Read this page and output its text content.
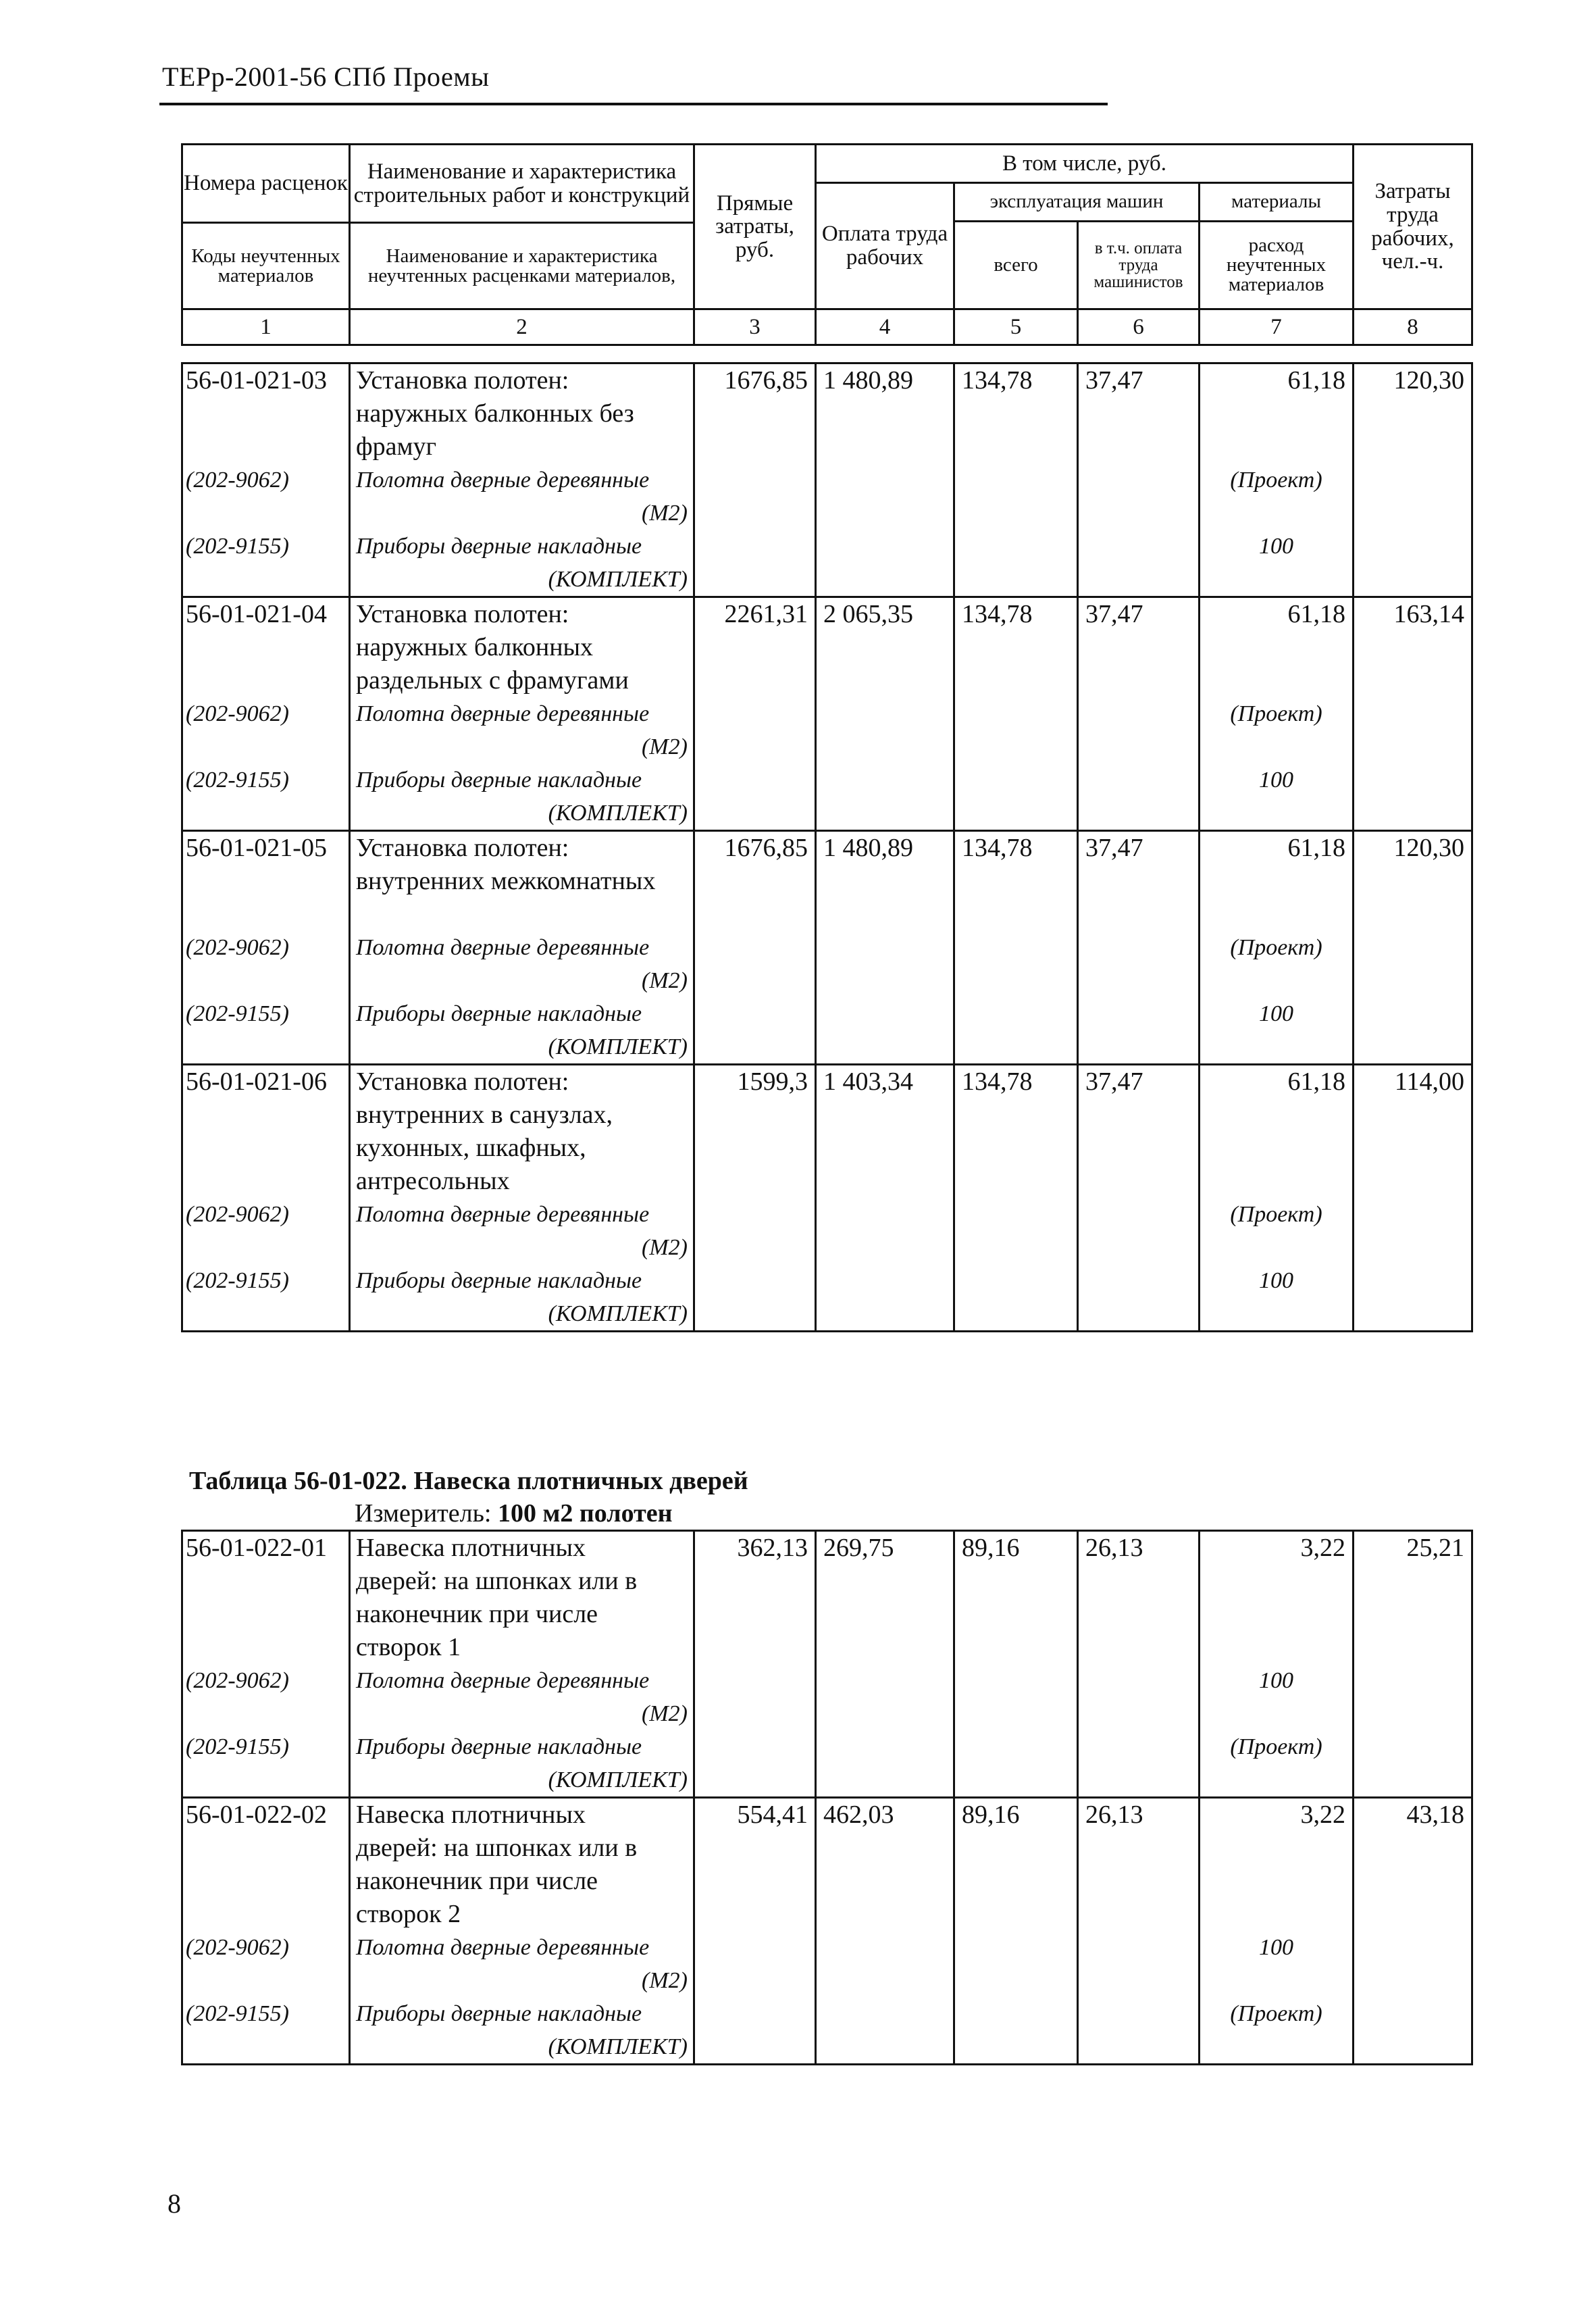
ТЕРр-2001-56 СПб Проемы
Номера расценок	Наименование и характеристика строительных работ и конструкций	Прямые затраты, руб.	В том числе, руб.				Затраты труда рабочих, чел.-ч.
			Оплата труда рабочих	эксплуатация машин		материалы	
				всего	в т.ч. оплата труда машинистов	расход неучтенных материалов	
Коды неучтенных материалов	Наименование и характеристика неучтенных расценками материалов,						

1	2	3	4	5	6	7	8
56-01-021-03	Установка полотен:
наружных балконных без
фрамуг	1676,85	1 480,89	134,78	37,47	61,18	120,30
(202-9062)	Полотна дверные деревянные					(Проект)	
	(М2)						
(202-9155)	Приборы дверные накладные					100	
	(КОМПЛЕКТ)						
56-01-021-04	Установка полотен:
наружных балконных
раздельных с фрамугами	2261,31	2 065,35	134,78	37,47	61,18	163,14
(202-9062)	Полотна дверные деревянные					(Проект)	
	(М2)						
(202-9155)	Приборы дверные накладные					100	
	(КОМПЛЕКТ)						
56-01-021-05	Установка полотен:
внутренних межкомнатных	1676,85	1 480,89	134,78	37,47	61,18	120,30
(202-9062)	Полотна дверные деревянные					(Проект)	
	(М2)						
(202-9155)	Приборы дверные накладные					100	
	(КОМПЛЕКТ)						
56-01-021-06	Установка полотен:
внутренних в санузлах,
кухонных, шкафных,
антресольных	1599,3	1 403,34	134,78	37,47	61,18	114,00
(202-9062)	Полотна дверные деревянные					(Проект)	
	(М2)						
(202-9155)	Приборы дверные накладные					100	
	(КОМПЛЕКТ)						
Таблица 56-01-022. Навеска плотничных дверей
Измеритель: 100 м2 полотен
56-01-022-01	Навеска плотничных
дверей: на шпонках или в
наконечник при числе
створок 1	362,13	269,75	89,16	26,13	3,22	25,21
(202-9062)	Полотна дверные деревянные					100	
	(М2)						
(202-9155)	Приборы дверные накладные					(Проект)	
	(КОМПЛЕКТ)						
56-01-022-02	Навеска плотничных
дверей: на шпонках или в
наконечник при числе
створок 2	554,41	462,03	89,16	26,13	3,22	43,18
(202-9062)	Полотна дверные деревянные					100	
	(М2)						
(202-9155)	Приборы дверные накладные					(Проект)	
	(КОМПЛЕКТ)						
8
